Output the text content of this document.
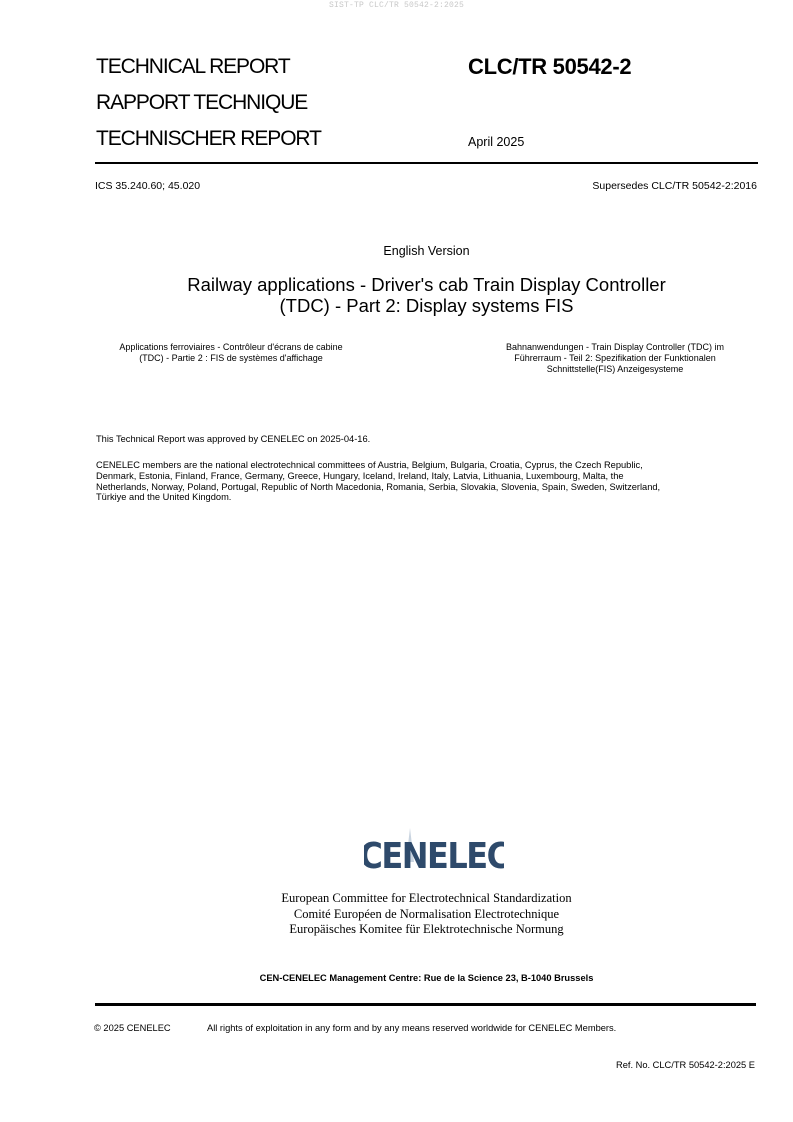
SIST-TP CLC/TR 50542-2:2025
TECHNICAL REPORT
RAPPORT TECHNIQUE
TECHNISCHER REPORT
CLC/TR 50542-2
April 2025
ICS 35.240.60; 45.020	Supersedes CLC/TR 50542-2:2016
English Version
Railway applications - Driver's cab Train Display Controller
(TDC) - Part 2: Display systems FIS
Applications ferroviaires - Contrôleur d'écrans de cabine
(TDC) - Partie 2 : FIS de systèmes d'affichage
Bahnanwendungen - Train Display Controller (TDC) im
Führerraum - Teil 2: Spezifikation der Funktionalen
Schnittstelle(FIS) Anzeigesysteme
This Technical Report was approved by CENELEC on 2025-04-16.
CENELEC members are the national electrotechnical committees of Austria, Belgium, Bulgaria, Croatia, Cyprus, the Czech Republic,
Denmark, Estonia, Finland, France, Germany, Greece, Hungary, Iceland, Ireland, Italy, Latvia, Lithuania, Luxembourg, Malta, the
Netherlands, Norway, Poland, Portugal, Republic of North Macedonia, Romania, Serbia, Slovakia, Slovenia, Spain, Sweden, Switzerland,
Türkiye and the United Kingdom.
CENELEC
European Committee for Electrotechnical Standardization
Comité Européen de Normalisation Electrotechnique
Europäisches Komitee für Elektrotechnische Normung
CEN-CENELEC Management Centre: Rue de la Science 23, B-1040 Brussels
© 2025 CENELEC	All rights of exploitation in any form and by any means reserved worldwide for CENELEC Members.
Ref. No. CLC/TR 50542-2:2025 E
